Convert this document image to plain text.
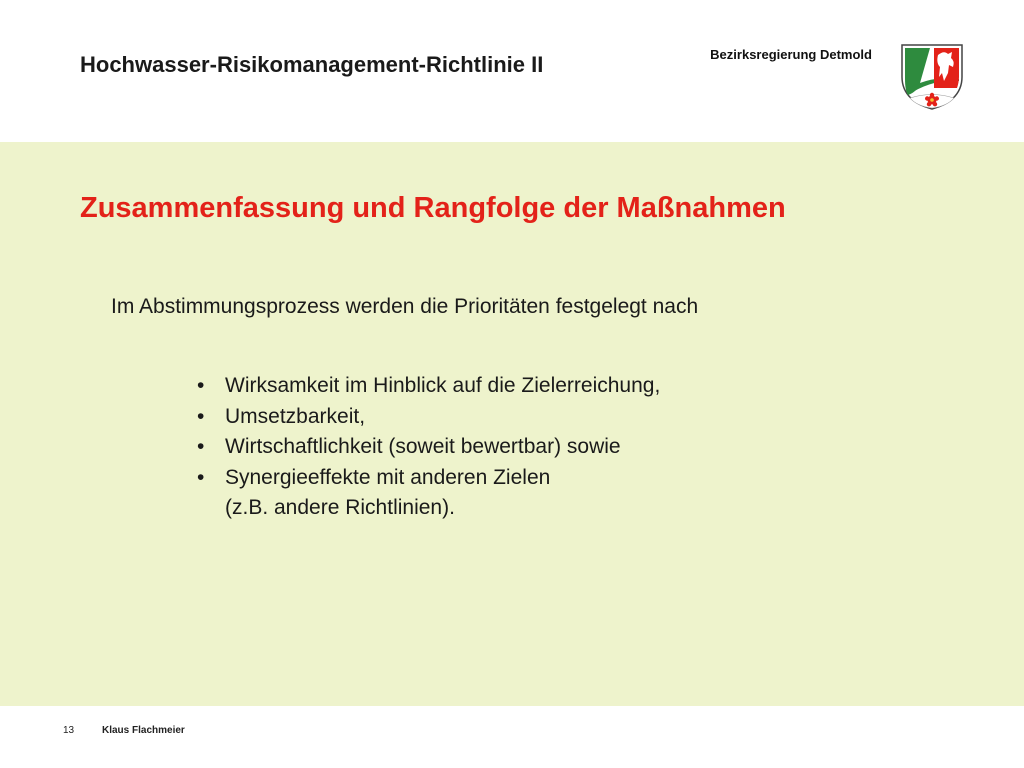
Hochwasser-Risikomanagement-Richtlinie II	Bezirksregierung Detmold
Zusammenfassung und Rangfolge der Maßnahmen
Im Abstimmungsprozess werden die Prioritäten festgelegt nach
• Wirksamkeit im Hinblick auf die Zielerreichung,
• Umsetzbarkeit,
• Wirtschaftlichkeit (soweit bewertbar) sowie
• Synergieeffekte mit anderen Zielen
(z.B. andere Richtlinien).
13	Klaus Flachmeier
